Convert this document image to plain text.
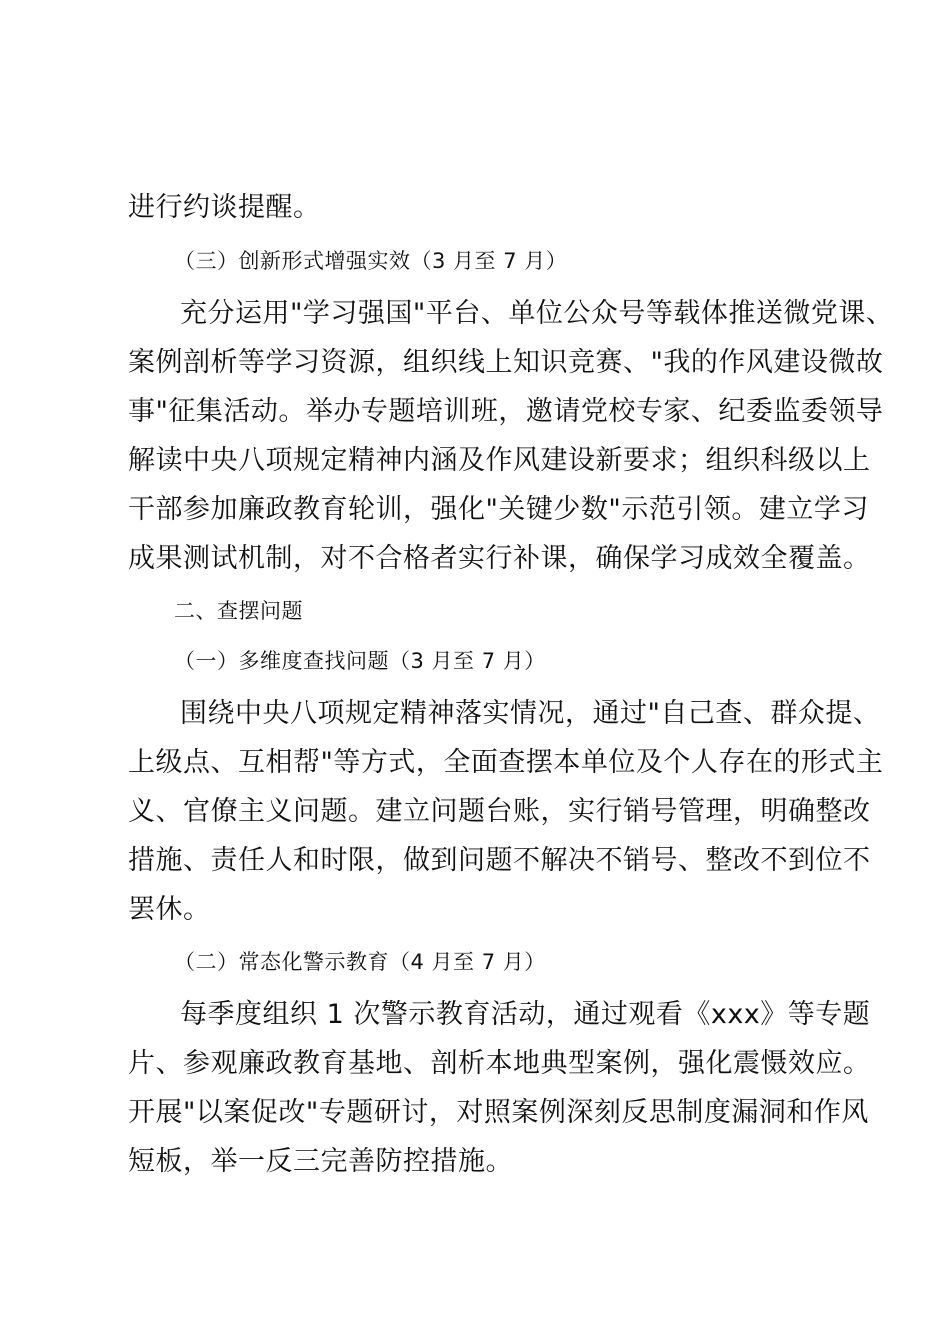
进行约谈提醒。
（三）创新形式增强实效（3 月至 7 月）
充分运用"学习强国"平台、单位公众号等载体推送微党课、
案例剖析等学习资源，组织线上知识竞赛、"我的作风建设微故
事"征集活动。举办专题培训班，邀请党校专家、纪委监委领导
解读中央八项规定精神内涵及作风建设新要求；组织科级以上
干部参加廉政教育轮训，强化"关键少数"示范引领。建立学习
成果测试机制，对不合格者实行补课，确保学习成效全覆盖。
二、查摆问题
（一）多维度查找问题（3 月至 7 月）
围绕中央八项规定精神落实情况，通过"自己查、群众提、
上级点、互相帮"等方式，全面查摆本单位及个人存在的形式主
义、官僚主义问题。建立问题台账，实行销号管理，明确整改
措施、责任人和时限，做到问题不解决不销号、整改不到位不
罢休。
（二）常态化警示教育（4 月至 7 月）
每季度组织 1 次警示教育活动，通过观看《xxx》等专题
片、参观廉政教育基地、剖析本地典型案例，强化震慑效应。
开展"以案促改"专题研讨，对照案例深刻反思制度漏洞和作风
短板，举一反三完善防控措施。
